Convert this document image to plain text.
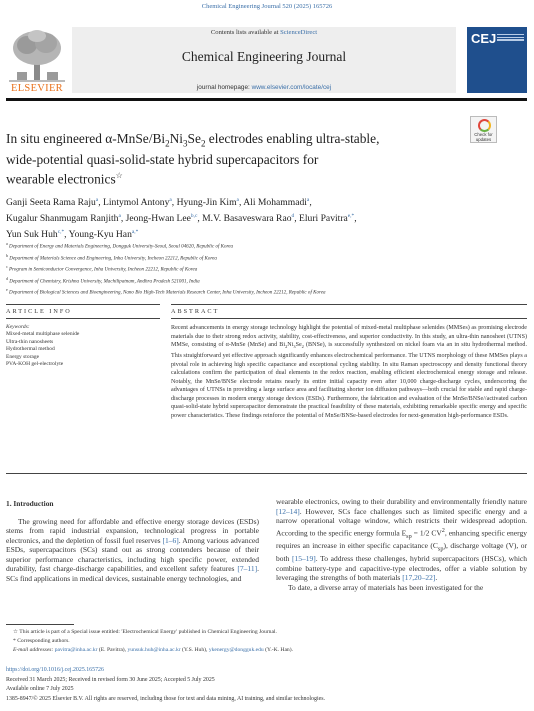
Chemical Engineering Journal 520 (2025) 165726
ELSEVIER
Contents lists available at ScienceDirect
Chemical Engineering Journal
journal homepage: www.elsevier.com/locate/cej
CEJ
In situ engineered $\alpha-MnSe/Bi_2Ni_3Se_2$ electrodes enabling ultra-stable,
wide-potential quasi-solid-state hybrid supercapacitors for
wearable electronics☆
Check for updates
Ganji Seeta Rama Raju$^a$, Lintymol Antony$^a$, Hyung-Jin Kim$^a$, Ali Mohammadi$^a$,
Kugalur Shanmugam Ranjith$^a$, Jeong-Hwan Lee$^{b,c}$, M.V. Basaveswara Rao$^d$, Eluri Pavitra$^{e,*}$,
Yun Suk Huh$^{c,*}$, Young-Kyu Han$^{a,*}$
$^a$ Department of Energy and Materials Engineering, Dongguk University-Seoul, Seoul 04620, Republic of Korea
$^b$ Department of Materials Science and Engineering, Inha University, Incheon 22212, Republic of Korea
$^c$ Program in Semiconductor Convergence, Inha University, Incheon 22212, Republic of Korea
$^d$ Department of Chemistry, Krishna University, Machilipatnam, Andhra Pradesh 521001, India
$^e$ Department of Biological Sciences and Bioengineering, Nano Bio High-Tech Materials Research Center, Inha University, Incheon 22212, Republic of Korea
ARTICLE INFO	ABSTRACT
Keywords:
Mixed-metal multiphase selenide
Ultra-thin nanosheets
Hydrothermal method
Energy storage
PVA-KOH gel-electrolyte
Recent advancements in energy storage technology highlight the potential of mixed-metal multiphase selenides (MMSes) as promising electrode materials due to their strong redox activity, stability, cost-effectiveness, and superior conductivity. In this study, an ultra-thin nanosheet (UTNS) MMSe, consisting of α-MnSe (MnSe) and $Bi_2Ni_3Se_2$ (BNSe), is successfully synthesized on nickel foam via an in situ hydrothermal method. This straightforward yet effective approach significantly enhances electrochemical performance. The UTNS morphology of these MMSes plays a pivotal role in achieving high specific capacitance and exceptional cycling stability. In situ Raman spectroscopy and density functional theory calculations confirm the participation of dual elements in the redox reaction, enabling efficient electrochemical energy storage and release. Notably, the MnSe/BNSe electrode retains nearly its entire initial capacity even after 10,000 charge-discharge cycles, underscoring the advantages of UTNSs in providing a large surface area and facilitating shorter ion diffusion pathways—both crucial for stable and rapid charge-discharge processes in modern energy storage devices (ESDs). Furthermore, the fabrication and evaluation of the MnSe/BNSe//activated carbon quasi-solid-state hybrid supercapacitor demonstrate the practical feasibility of these materials, exhibiting remarkable specific energy and specific power characteristics. These findings reinforce the potential of MnSe/BNSe-based electrodes for next-generation high-performance ESDs.
1. Introduction
The growing need for affordable and effective energy storage devices (ESDs) stems from rapid industrial expansion, technological progress in portable electronics, and the depletion of fossil fuel reserves [1–6]. Among various advanced ESDs, supercapacitors (SCs) stand out as strong contenders because of their superior performance characteristics, including high specific power, extended durability, fast charge-discharge capabilities, and excellent safety features [7–11]. SCs find applications in medical devices, sustainable energy technologies, and
wearable electronics, owing to their durability and environmentally friendly nature [12–14]. However, SCs face challenges such as limited specific energy and a narrow operational voltage window, which restricts their widespread adoption. According to the specific energy formula $E_{sp} = 1/2$ $CV^2$, enhancing specific energy requires an increase in either specific capacitance $(C_{sp})$, discharge voltage (V), or both [15–19]. To address these challenges, hybrid supercapacitors (HSCs), which combine battery-type and capacitive-type electrodes, offer a viable solution by leveraging the strengths of both materials [17,20–22].
To date, a diverse array of materials has been investigated for the
☆ This article is part of a Special issue entitled: 'Electrochemical Energy' published in Chemical Engineering Journal.
* Corresponding authors.
E-mail addresses: pavitra@inha.ac.kr (E. Pavitra), yunsuk.huh@inha.ac.kr (Y.S. Huh), ykenergy@dongguk.edu (Y.-K. Han).
https://doi.org/10.1016/j.cej.2025.165726
Received 31 March 2025; Received in revised form 30 June 2025; Accepted 5 July 2025
Available online 7 July 2025
1385-8947/© 2025 Elsevier B.V. All rights are reserved, including those for text and data mining, AI training, and similar technologies.
